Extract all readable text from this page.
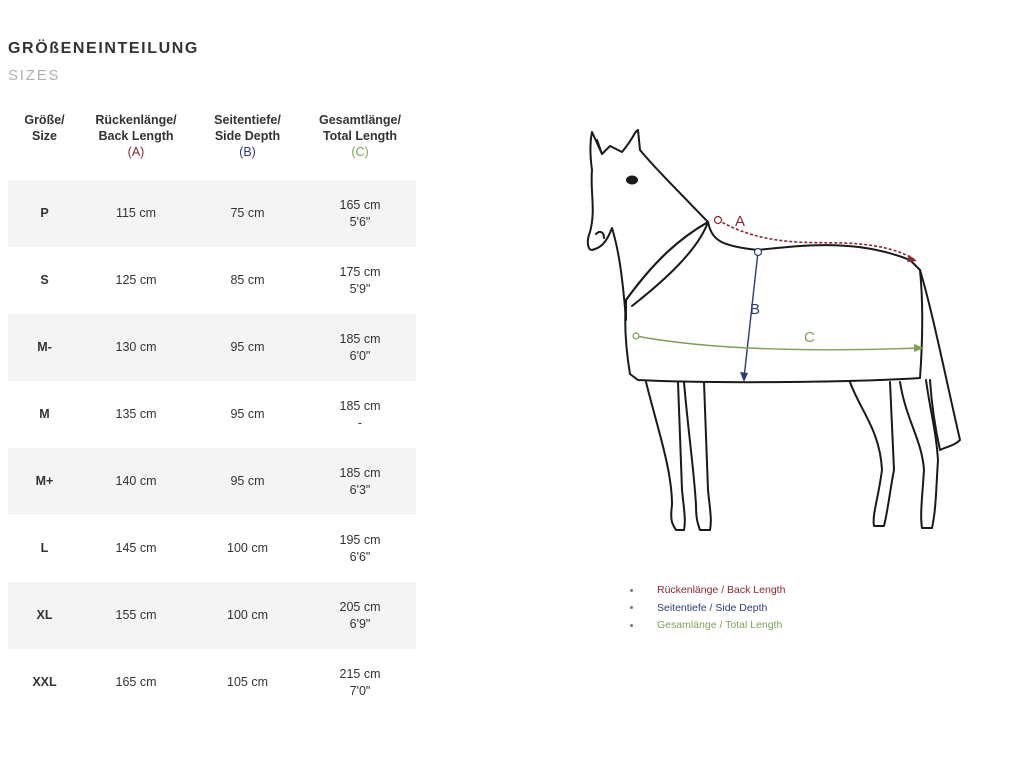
GRÖßENEINTEILUNG
SIZES
Größe/
Size	Rückenlänge/
Back Length
(A)	Seitentiefe/
Side Depth
(B)	Gesamtlänge/
Total Length
(C)

P	115 cm	75 cm	165 cm
5'6"
S	125 cm	85 cm	175 cm
5'9"
M-	130 cm	95 cm	185 cm
6'0"
M	135 cm	95 cm	185 cm
-
M+	140 cm	95 cm	185 cm
6'3"
L	145 cm	100 cm	195 cm
6'6"
XL	155 cm	100 cm	205 cm
6'9"
XXL	165 cm	105 cm	215 cm
7'0"
A
B
C
Rückenlänge / Back Length
Seitentiefe / Side Depth
Gesamlänge / Total Length
